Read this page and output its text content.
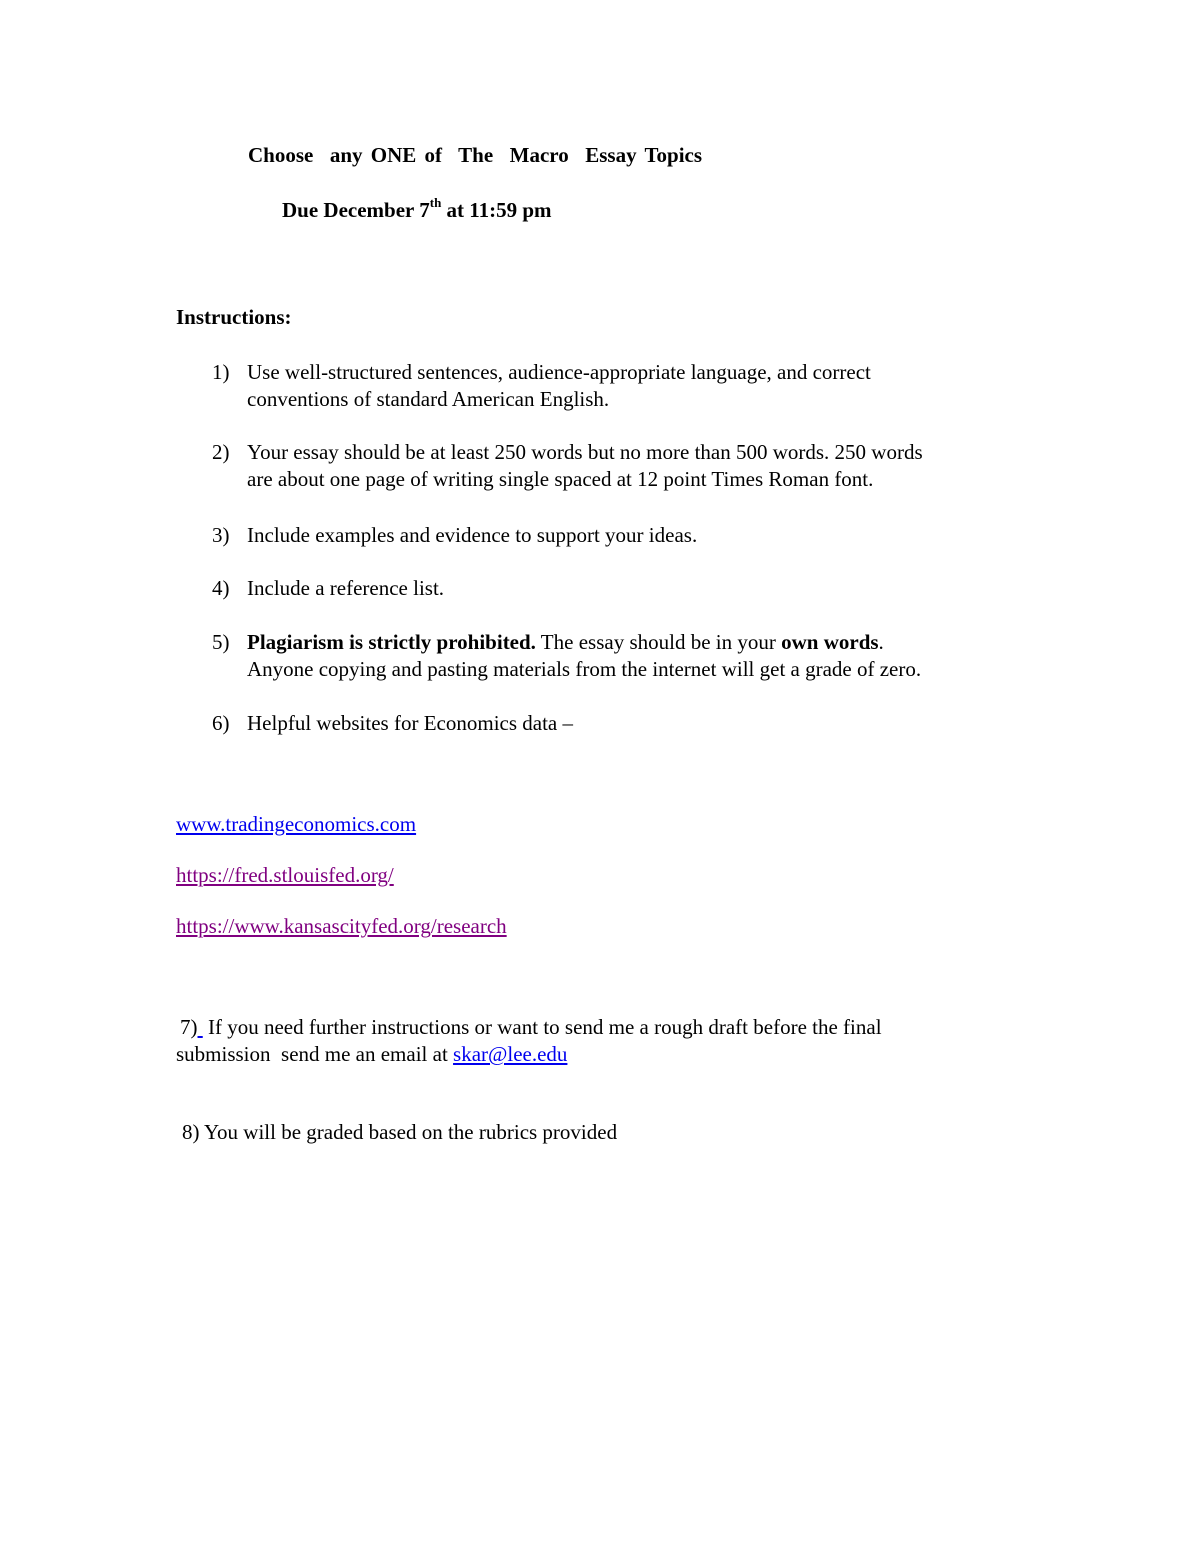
Choose  any ONE of  The  Macro  Essay Topics
Due December 7th at 11:59 pm
Instructions:
1) Use well-structured sentences, audience-appropriate language, and correct
conventions of standard American English.
2) Your essay should be at least 250 words but no more than 500 words. 250 words
are about one page of writing single spaced at 12 point Times Roman font.
3) Include examples and evidence to support your ideas.
4) Include a reference list.
5) Plagiarism is strictly prohibited. The essay should be in your own words.
Anyone copying and pasting materials from the internet will get a grade of zero.
6) Helpful websites for Economics data –
www.tradingeconomics.com
https://fred.stlouisfed.org/
https://www.kansascityfed.org/research
7)  If you need further instructions or want to send me a rough draft before the final
submission  send me an email at skar@lee.edu
8) You will be graded based on the rubrics provided
